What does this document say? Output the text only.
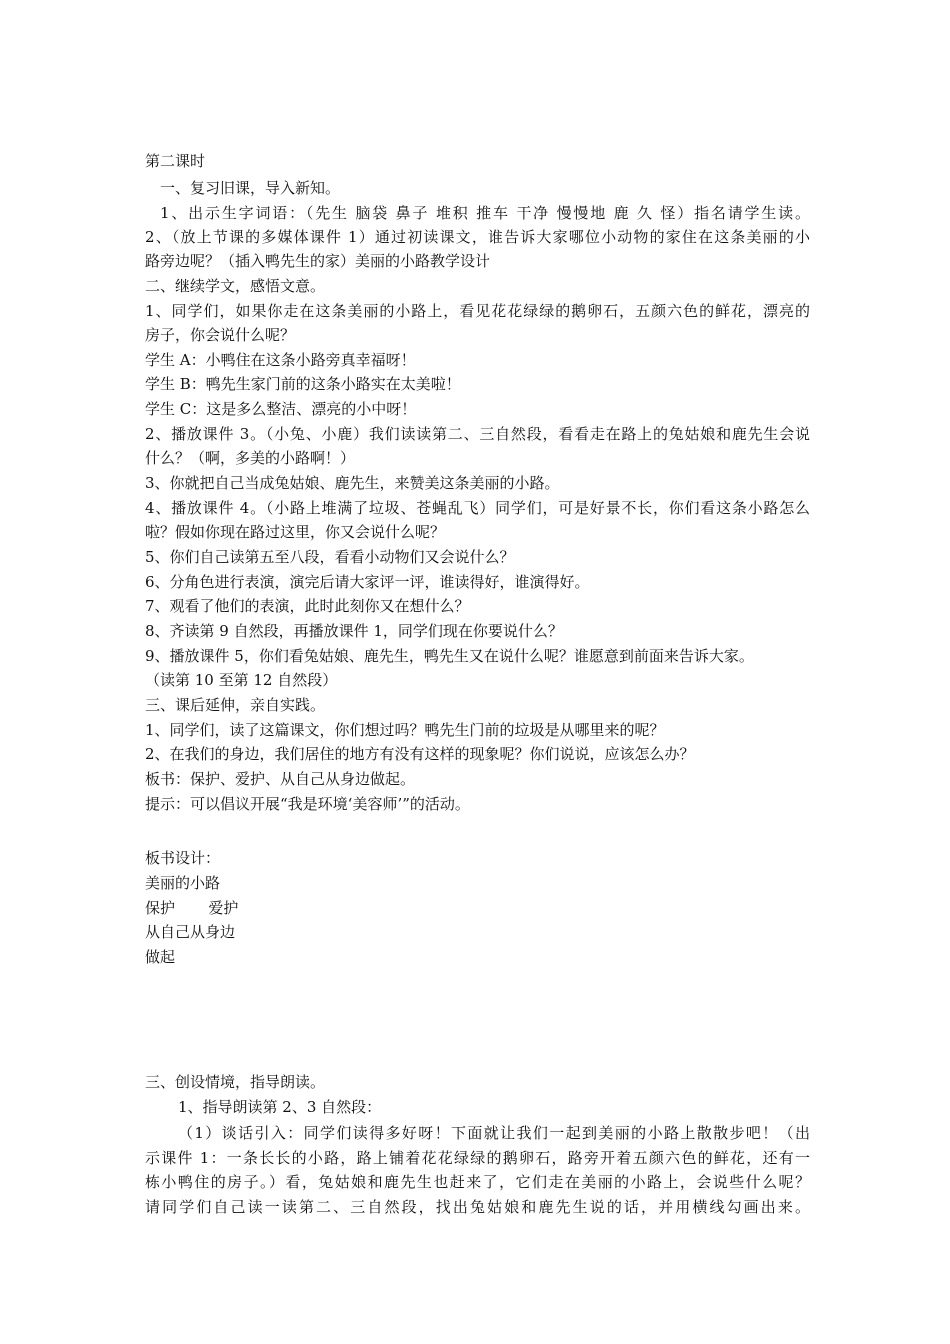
第二课时
一、复习旧课，导入新知。
1、出示生字词语：（先生 脑袋 鼻子 堆积 推车 干净 慢慢地 鹿 久 怪）指名请学生读。
2、（放上节课的多媒体课件 1）通过初读课文，谁告诉大家哪位小动物的家住在这条美丽的小
路旁边呢？（插入鸭先生的家）美丽的小路教学设计
二、继续学文，感悟文意。
1、同学们，如果你走在这条美丽的小路上，看见花花绿绿的鹅卵石，五颜六色的鲜花，漂亮的
房子，你会说什么呢？
学生 A：小鸭住在这条小路旁真幸福呀！
学生 B：鸭先生家门前的这条小路实在太美啦！
学生 C：这是多么整洁、漂亮的小中呀！
2、播放课件 3。（小兔、小鹿）我们读读第二、三自然段，看看走在路上的兔姑娘和鹿先生会说
什么？（啊，多美的小路啊！）
3、你就把自己当成兔姑娘、鹿先生，来赞美这条美丽的小路。
4、播放课件 4。（小路上堆满了垃圾、苍蝇乱飞）同学们，可是好景不长，你们看这条小路怎么
啦？假如你现在路过这里，你又会说什么呢？
5、你们自己读第五至八段，看看小动物们又会说什么？
6、分角色进行表演，演完后请大家评一评，谁读得好，谁演得好。
7、观看了他们的表演，此时此刻你又在想什么？
8、齐读第 9 自然段，再播放课件 1，同学们现在你要说什么？
9、播放课件 5，你们看兔姑娘、鹿先生，鸭先生又在说什么呢？谁愿意到前面来告诉大家。
（读第 10 至第 12 自然段）
三、课后延伸，亲自实践。
1、同学们，读了这篇课文，你们想过吗？鸭先生门前的垃圾是从哪里来的呢？
2、在我们的身边，我们居住的地方有没有这样的现象呢？你们说说，应该怎么办？
板书：保护、爱护、从自己从身边做起。
提示：可以倡议开展“我是环境‘美容师’”的活动。
板书设计：
美丽的小路
保护       爱护
从自己从身边
做起
三、创设情境，指导朗读。
1、指导朗读第 2、3 自然段：
（1）谈话引入：同学们读得多好呀！下面就让我们一起到美丽的小路上散散步吧！（出
示课件 1：一条长长的小路，路上铺着花花绿绿的鹅卵石，路旁开着五颜六色的鲜花，还有一
栋小鸭住的房子。）看，兔姑娘和鹿先生也赶来了，它们走在美丽的小路上，会说些什么呢？
请同学们自己读一读第二、三自然段，找出兔姑娘和鹿先生说的话，并用横线勾画出来。
